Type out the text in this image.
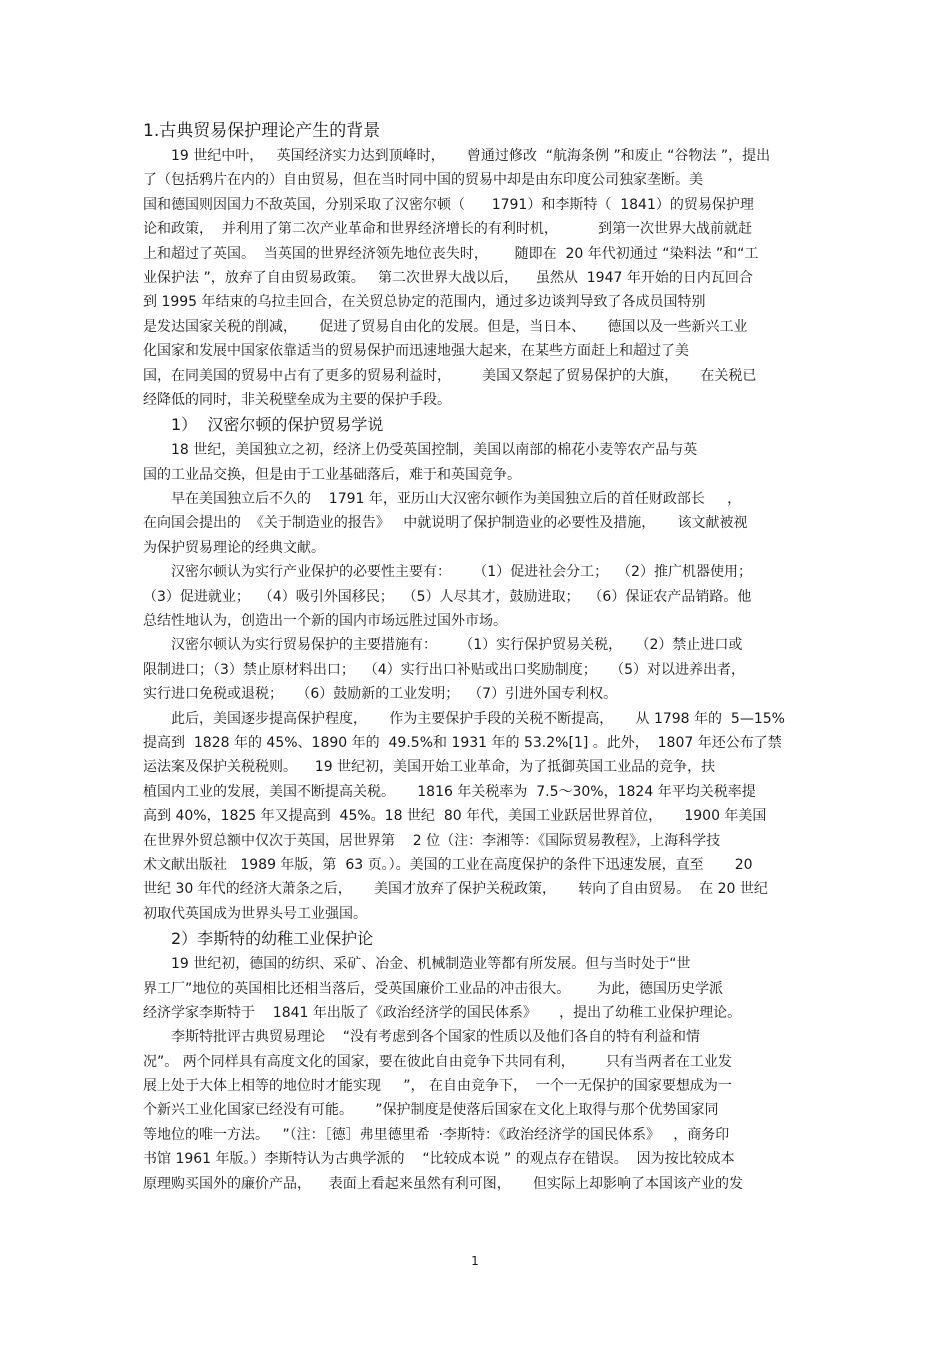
1.古典贸易保护理论产生的背景
19 世纪中叶，   英国经济实力达到顶峰时，     曾通过修改  “航海条例 ”和废止 “谷物法 ”，提出
了（包括鸦片在内的）自由贸易，但在当时同中国的贸易中却是由东印度公司独家垄断。美
国和德国则因国力不敌英国，分别采取了汉密尔顿（      1791）和李斯特（  1841）的贸易保护理
论和政策，  并利用了第二次产业革命和世界经济增长的有利时机，         到第一次世界大战前就赶
上和超过了英国。  当英国的世界经济领先地位丧失时，      随即在  20 年代初通过 “染料法 ”和“工
业保护法 ”，放弃了自由贸易政策。   第二次世界大战以后，    虽然从  1947 年开始的日内瓦回合
到 1995 年结束的乌拉圭回合，在关贸总协定的范围内，通过多边谈判导致了各成员国特别
是发达国家关税的削减，     促进了贸易自由化的发展。但是，当日本、     德国以及一些新兴工业
化国家和发展中国家依靠适当的贸易保护而迅速地强大起来，在某些方面赶上和超过了美
国，在同美国的贸易中占有了更多的贸易利益时，       美国又祭起了贸易保护的大旗，     在关税已
经降低的同时，非关税壁垒成为主要的保护手段。
1）  汉密尔顿的保护贸易学说
18 世纪，美国独立之初，经济上仍受英国控制，美国以南部的棉花小麦等农产品与英
国的工业品交换，但是由于工业基础落后，难于和英国竞争。
早在美国独立后不久的    1791 年，亚历山大汉密尔顿作为美国独立后的首任财政部长     ，
在向国会提出的  《关于制造业的报告》   中就说明了保护制造业的必要性及措施，     该文献被视
为保护贸易理论的经典文献。
汉密尔顿认为实行产业保护的必要性主要有：     （1）促进社会分工；  （2）推广机器使用；
（3）促进就业；  （4）吸引外国移民；  （5）人尽其才，鼓励进取；  （6）保证农产品销路。他
总结性地认为，创造出一个新的国内市场远胜过国外市场。
汉密尔顿认为实行贸易保护的主要措施有：     （1）实行保护贸易关税，   （2）禁止进口或
限制进口；（3）禁止原材料出口；  （4）实行出口补贴或出口奖励制度；   （5）对以进养出者，
实行进口免税或退税；   （6）鼓励新的工业发明；  （7）引进外国专利权。
此后，美国逐步提高保护程度，     作为主要保护手段的关税不断提高，     从 1798 年的  5—15%
提高到  1828 年的 45%、1890 年的  49.5%和 1931 年的 53.2%[1] 。此外，  1807 年还公布了禁
运法案及保护关税税则。    19 世纪初，美国开始工业革命，为了抵御英国工业品的竞争，扶
植国内工业的发展，美国不断提高关税。     1816 年关税率为  7.5～30%，1824 年平均关税率提
高到 40%，1825 年又提高到  45%。18 世纪  80 年代，美国工业跃居世界首位，     1900 年美国
在世界外贸总额中仅次于英国，居世界第    2 位（注：李湘等：《国际贸易教程》，上海科学技
术文献出版社   1989 年版，第  63 页。）。美国的工业在高度保护的条件下迅速发展，直至       20
世纪 30 年代的经济大萧条之后，     美国才放弃了保护关税政策，     转向了自由贸易。  在 20 世纪
初取代英国成为世界头号工业强国。
2）李斯特的幼稚工业保护论
19 世纪初，德国的纺织、采矿、冶金、机械制造业等都有所发展。但与当时处于“世
界工厂”地位的英国相比还相当落后，受英国廉价工业品的冲击很大。      为此，德国历史学派
经济学家李斯特于    1841 年出版了《政治经济学的国民体系》     ，提出了幼稚工业保护理论。
李斯特批评古典贸易理论    “没有考虑到各个国家的性质以及他们各自的特有利益和情
况”。 两个同样具有高度文化的国家，要在彼此自由竞争下共同有利，       只有当两者在工业发
展上处于大体上相等的地位时才能实现     ”， 在自由竞争下，  一个一无保护的国家要想成为一
个新兴工业化国家已经没有可能。     ”保护制度是使落后国家在文化上取得与那个优势国家同
等地位的唯一方法。   ”（注：［德］弗里德里希  ·李斯特：《政治经济学的国民体系》   ，商务印
书馆 1961 年版。）李斯特认为古典学派的    “比较成本说 ” 的观点存在错误。  因为按比较成本
原理购买国外的廉价产品，    表面上看起来虽然有利可图，     但实际上却影响了本国该产业的发
1
